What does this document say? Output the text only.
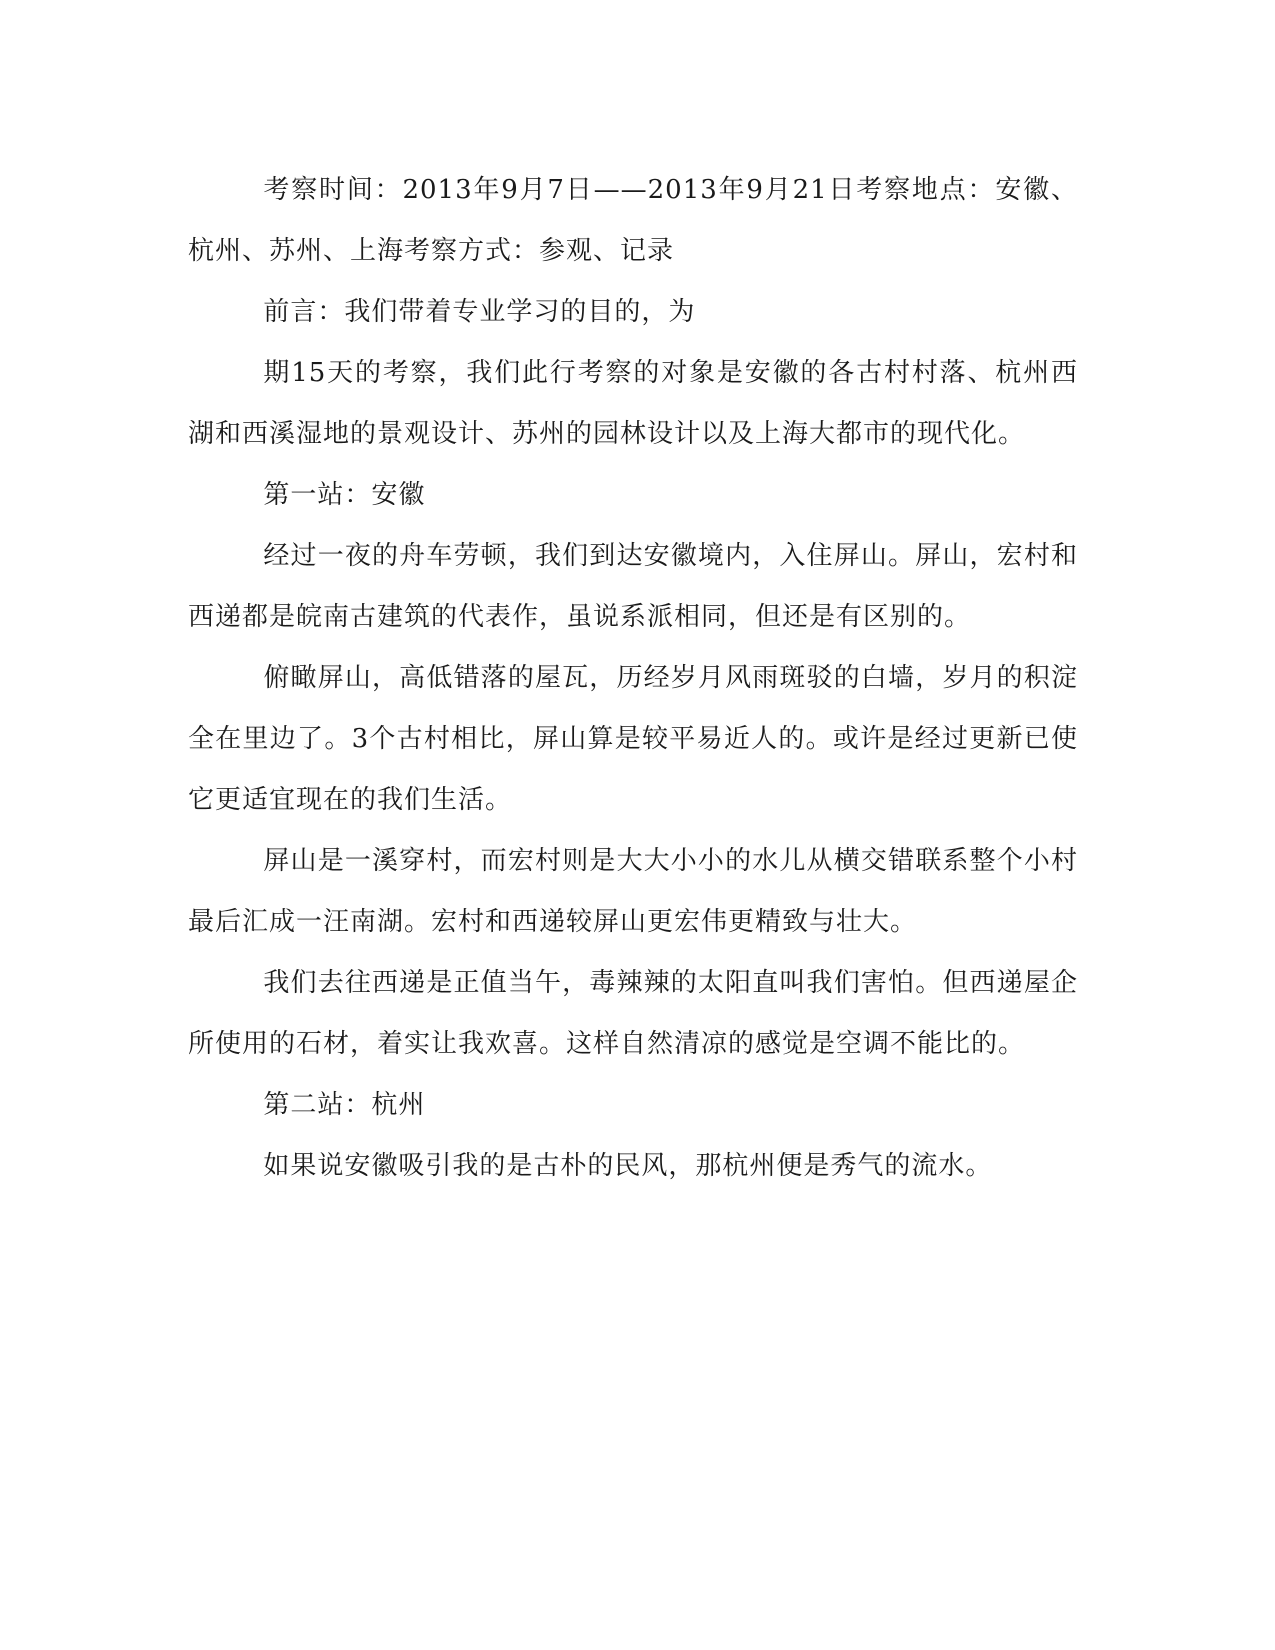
考察时间：2013年9月7日——2013年9月21日考察地点：安徽、杭州、苏州、上海考察方式：参观、记录

前言：我们带着专业学习的目的，为

期15天的考察，我们此行考察的对象是安徽的各古村村落、杭州西湖和西溪湿地的景观设计、苏州的园林设计以及上海大都市的现代化。

第一站：安徽

经过一夜的舟车劳顿，我们到达安徽境内，入住屏山。屏山，宏村和西递都是皖南古建筑的代表作，虽说系派相同，但还是有区别的。

俯瞰屏山，高低错落的屋瓦，历经岁月风雨斑驳的白墙，岁月的积淀全在里边了。3个古村相比，屏山算是较平易近人的。或许是经过更新已使它更适宜现在的我们生活。

屏山是一溪穿村，而宏村则是大大小小的水儿从横交错联系整个小村最后汇成一汪南湖。宏村和西递较屏山更宏伟更精致与壮大。

我们去往西递是正值当午，毒辣辣的太阳直叫我们害怕。但西递屋企所使用的石材，着实让我欢喜。这样自然清凉的感觉是空调不能比的。

第二站：杭州

如果说安徽吸引我的是古朴的民风，那杭州便是秀气的流水。
